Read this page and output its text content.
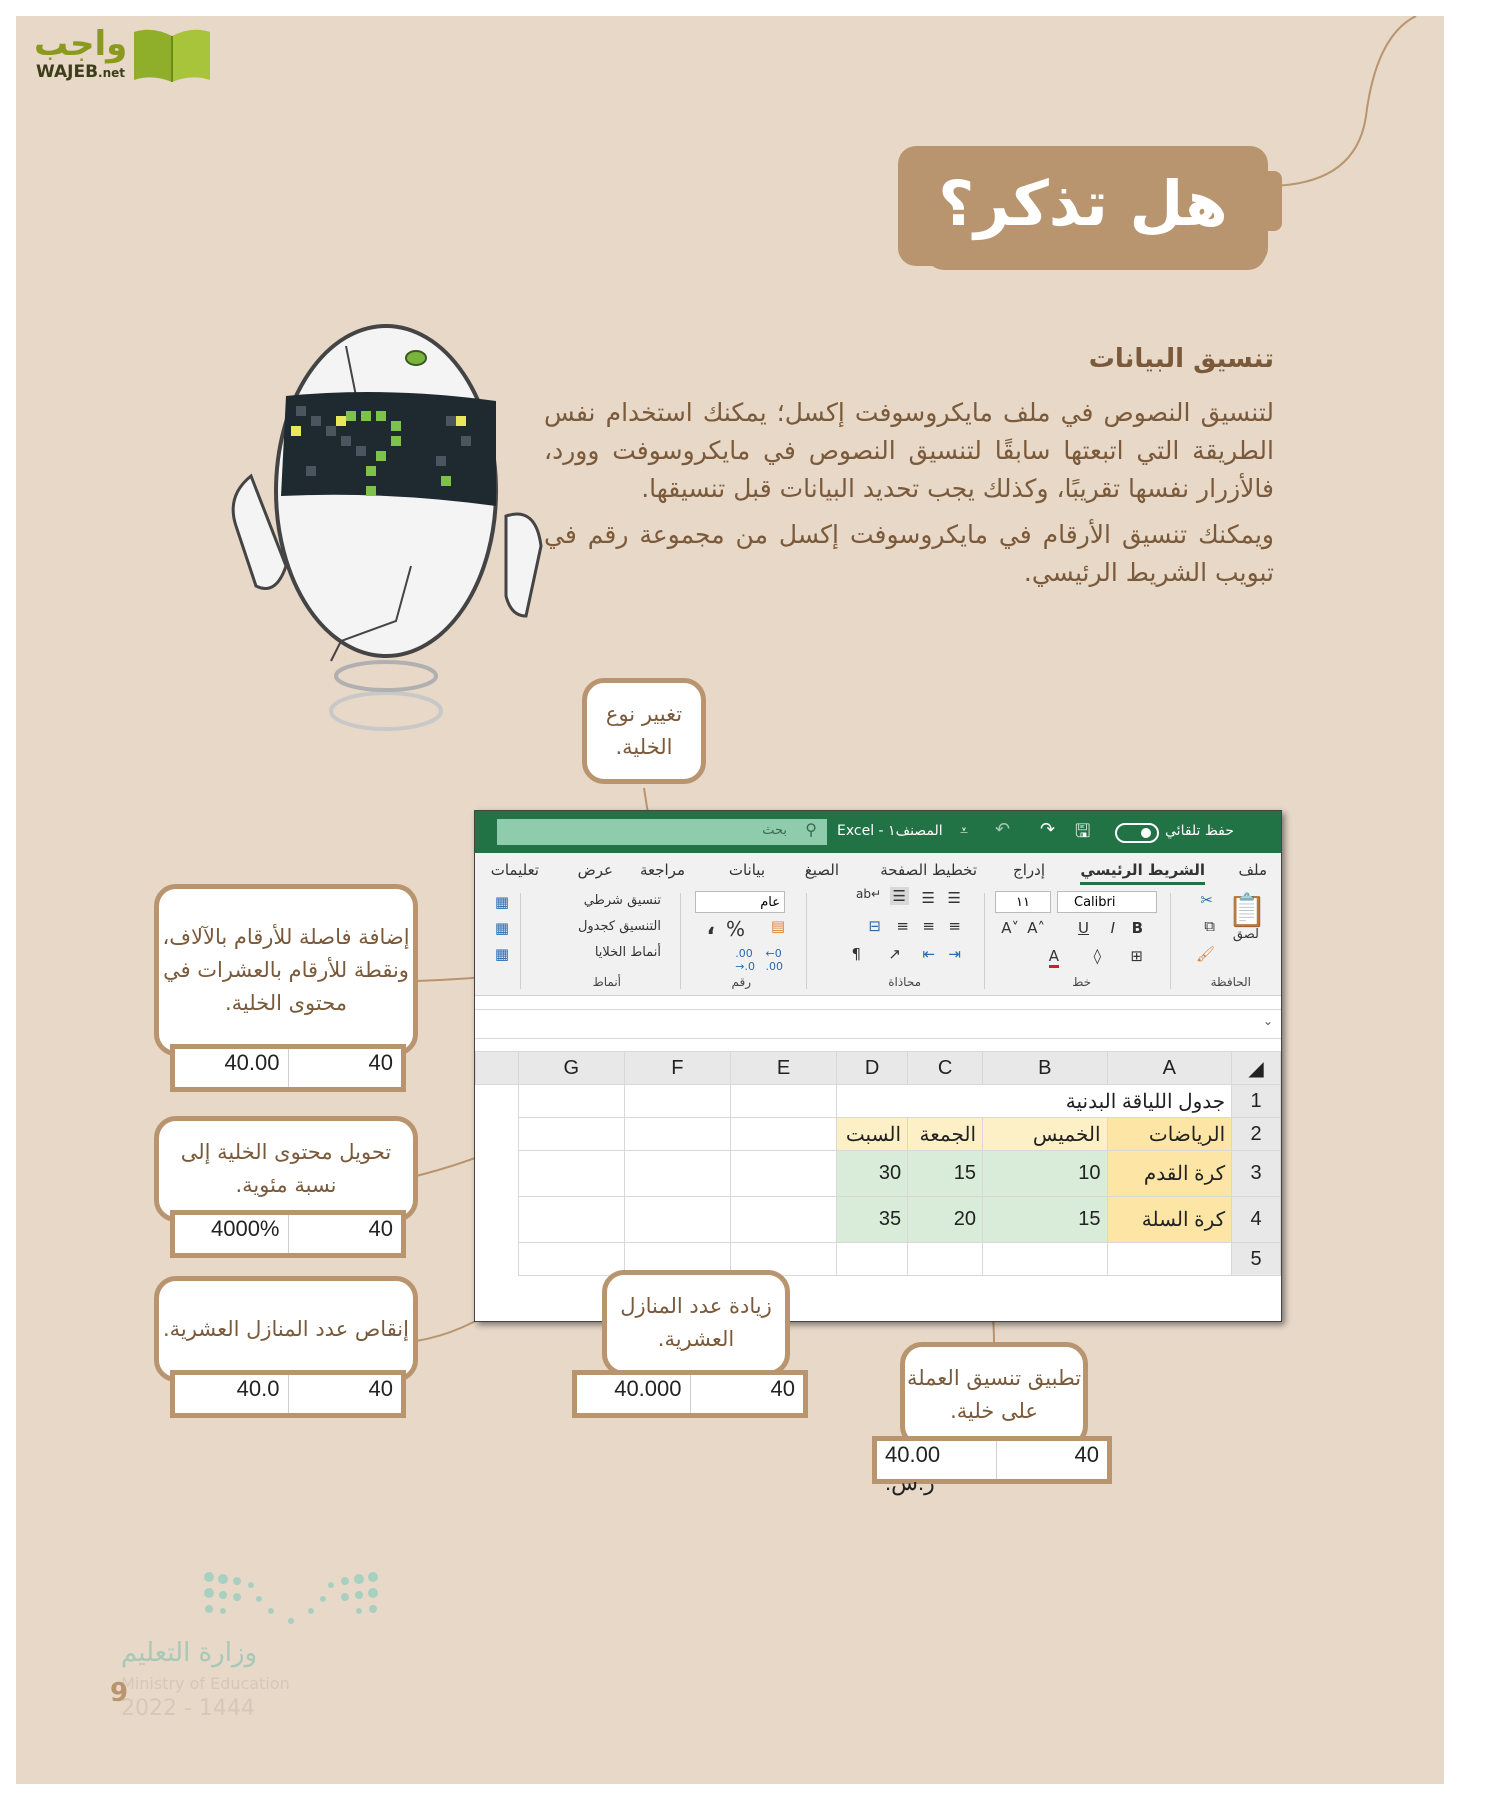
واجب
WAJEB.net
هل تذكر؟
تنسيق البيانات
لتنسيق النصوص في ملف مايكروسوفت إكسل؛ يمكنك استخدام نفس الطريقة التي اتبعتها سابقًا لتنسيق النصوص في مايكروسوفت وورد، فالأزرار نفسها تقريبًا، وكذلك يجب تحديد البيانات قبل تنسيقها.
ويمكنك تنسيق الأرقام في مايكروسوفت إكسل من مجموعة رقم في تبويب الشريط الرئيسي.
بحث ⚲ المصنف١ - Excel ⩡ ↶ ↷ 🖫	حفظ تلقائي
ملف
الشريط الرئيسي
إدراج
تخطيط الصفحة
الصيغ
بيانات
مراجعة
عرض
تعليمات
📋
لصق
✂
⧉
🖌
الحافظة
Calibri
١١
B
I
U
A˄
A˅
⊞
◊
A
خط
☰
☰
☰
ab↵
≡
≡
≡
⊟
⇥
⇤
↗
¶
محاذاة
عام
▤
%
،
←0
.00
.00
→.0
رقم
تنسيق شرطي
التنسيق كجدول
أنماط الخلايا
أنماط
▦
▦
▦
⌄
	G	F	E	D	C	B	A	◢
				جدول اللياقة البدنية				1
				السبت	الجمعة	الخميس	الرياضات	2
				30	15	10	كرة القدم	3
				35	20	15	كرة السلة	4
								5
تغيير نوع الخلية.
إضافة فاصلة للأرقام بالآلاف، ونقطة للأرقام بالعشرات في محتوى الخلية.
40.00	40
تحويل محتوى الخلية إلى نسبة مئوية.
4000%	40
إنقاص عدد المنازل العشرية.
40.0	40
زيادة عدد المنازل العشرية.
40.000	40	تطبيق تنسيق العملة على خلية.
40.00 ر.س.
40
وزارة التعليم
Ministry of Education
2022 - 1444
9
